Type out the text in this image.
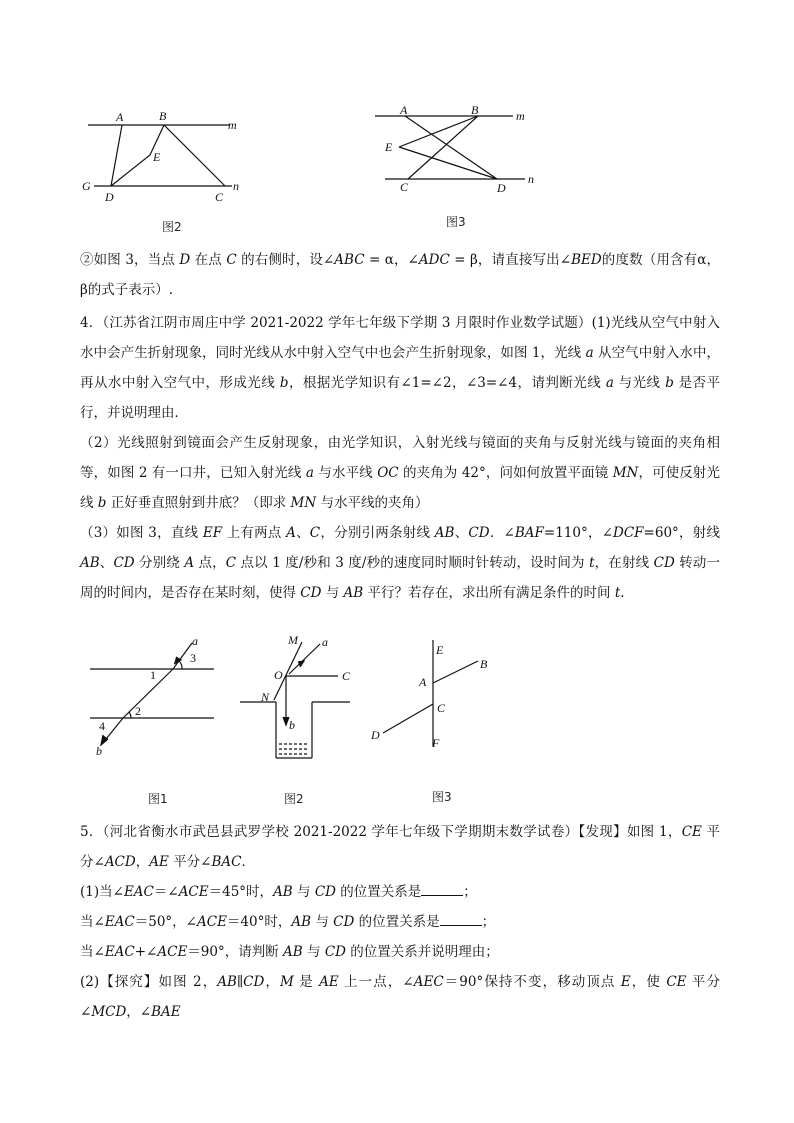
A	B
E
m
G	n
D	C
图2
A	B	m
E
n
C	D
图3

②如图 3，当点 D 在点 C 的右侧时，设∠ABC = α，∠ADC = β，请直接写出∠BED的度数（用含有α，β的式子表示）.

4．（江苏省江阴市周庄中学 2021-2022 学年七年级下学期 3 月限时作业数学试题）(1)光线从空气中射入水中会产生折射现象，同时光线从水中射入空气中也会产生折射现象，如图 1，光线 a 从空气中射入水中，再从水中射入空气中，形成光线 b，根据光学知识有∠1=∠2，∠3=∠4，请判断光线 a 与光线 b 是否平行，并说明理由．

（2）光线照射到镜面会产生反射现象，由光学知识，入射光线与镜面的夹角与反射光线与镜面的夹角相等，如图 2 有一口井，已知入射光线 a 与水平线 OC 的夹角为 42°，问如何放置平面镜 MN，可使反射光线 b 正好垂直照射到井底？（即求 MN 与水平线的夹角）

（3）如图 3，直线 EF 上有两点 A、C，分别引两条射线 AB、CD．∠BAF=110°，∠DCF=60°，射线 AB、CD 分别绕 A 点，C 点以 1 度/秒和 3 度/秒的速度同时顺时针转动，设时间为 t，在射线 CD 转动一周的时间内，是否存在某时刻，使得 CD 与 AB 平行？若存在，求出所有满足条件的时间 t.

a
3
1
2
4
b
图1
M a
O	C
N
b
图2
E
B
A
C
D
F
图3

5．（河北省衡水市武邑县武罗学校 2021-2022 学年七年级下学期期末数学试卷）【发现】如图 1，CE 平分∠ACD，AE 平分∠BAC．

(1)当∠EAC＝∠ACE＝45°时，AB 与 CD 的位置关系是	；

当∠EAC＝50°，∠ACE＝40°时，AB 与 CD 的位置关系是	；

当∠EAC+∠ACE＝90°，请判断 AB 与 CD 的位置关系并说明理由；

(2)【探究】如图 2，AB∥CD，M 是 AE 上一点，∠AEC＝90°保持不变，移动顶点 E，使 CE 平分∠MCD，∠BAE
